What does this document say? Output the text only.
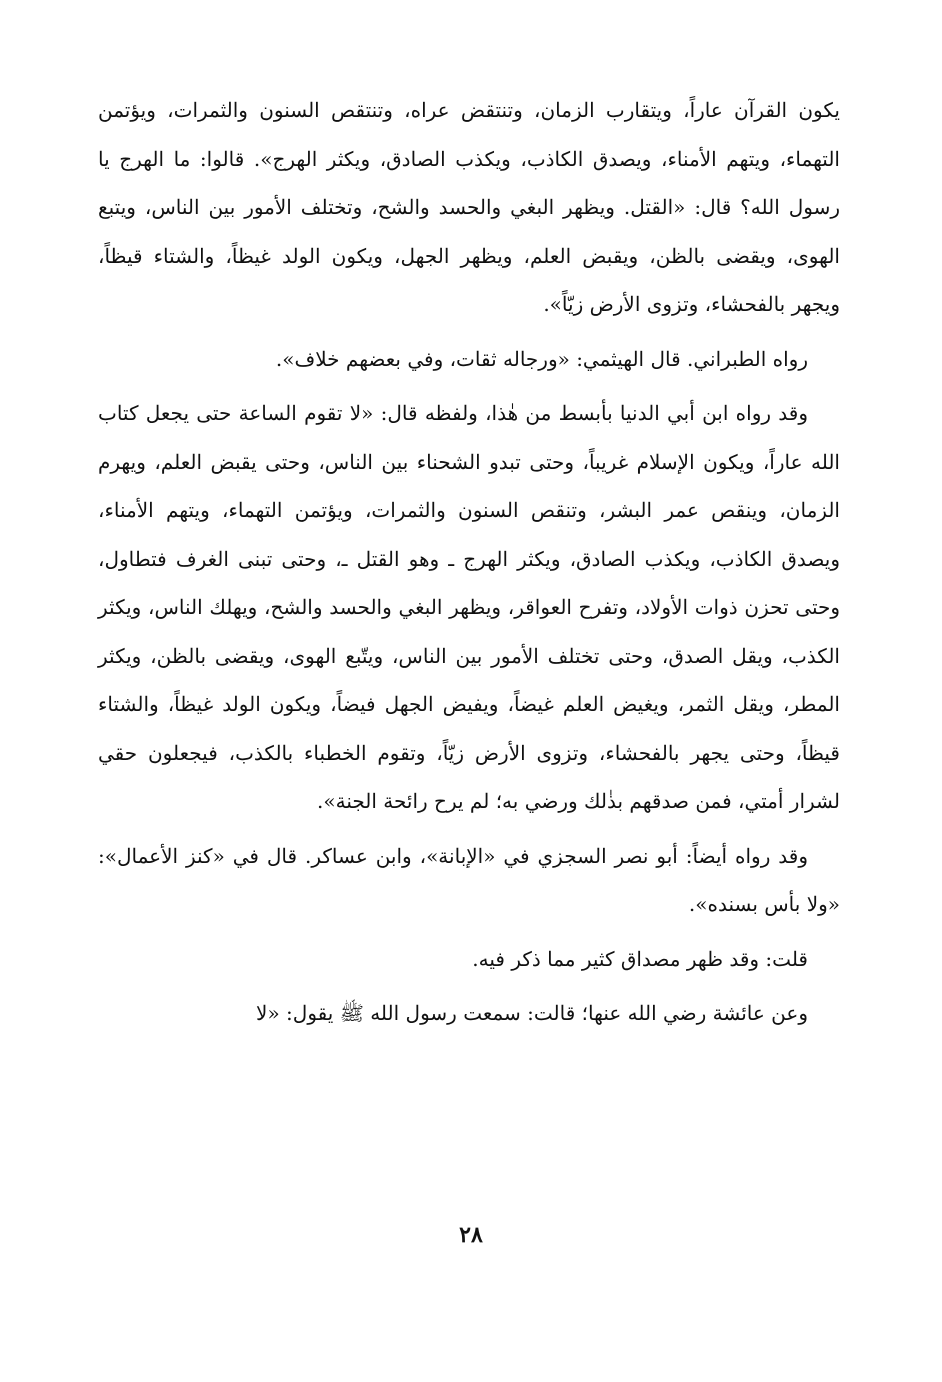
يكون القرآن عاراً، ويتقارب الزمان، وتنتقض عراه، وتنتقص السنون والثمرات، ويؤتمن التهماء، ويتهم الأمناء، ويصدق الكاذب، ويكذب الصادق، ويكثر الهرج». قالوا: ما الهرج يا رسول الله؟ قال: «القتل. ويظهر البغي والحسد والشح، وتختلف الأمور بين الناس، ويتبع الهوى، ويقضى بالظن، ويقبض العلم، ويظهر الجهل، ويكون الولد غيظاً، والشتاء قيظاً، ويجهر بالفحشاء، وتزوى الأرض زيّاً».

رواه الطبراني. قال الهيثمي: «ورجاله ثقات، وفي بعضهم خلاف».

وقد رواه ابن أبي الدنيا بأبسط من هٰذا، ولفظه قال: «لا تقوم الساعة حتى يجعل كتاب الله عاراً، ويكون الإسلام غريباً، وحتى تبدو الشحناء بين الناس، وحتى يقبض العلم، ويهرم الزمان، وينقص عمر البشر، وتنقص السنون والثمرات، ويؤتمن التهماء، ويتهم الأمناء، ويصدق الكاذب، ويكذب الصادق، ويكثر الهرج ـ وهو القتل ـ، وحتى تبنى الغرف فتطاول، وحتى تحزن ذوات الأولاد، وتفرح العواقر، ويظهر البغي والحسد والشح، ويهلك الناس، ويكثر الكذب، ويقل الصدق، وحتى تختلف الأمور بين الناس، ويتّبع الهوى، ويقضى بالظن، ويكثر المطر، ويقل الثمر، ويغيض العلم غيضاً، ويفيض الجهل فيضاً، ويكون الولد غيظاً، والشتاء قيظاً، وحتى يجهر بالفحشاء، وتزوى الأرض زيّاً، وتقوم الخطباء بالكذب، فيجعلون حقي لشرار أمتي، فمن صدقهم بذٰلك ورضي به؛ لم يرح رائحة الجنة».

وقد رواه أيضاً: أبو نصر السجزي في «الإبانة»، وابن عساكر. قال في «كنز الأعمال»: «ولا بأس بسنده».

قلت: وقد ظهر مصداق كثير مما ذكر فيه.

وعن عائشة رضي الله عنها؛ قالت: سمعت رسول الله ﷺ يقول: «لا

٢٨
